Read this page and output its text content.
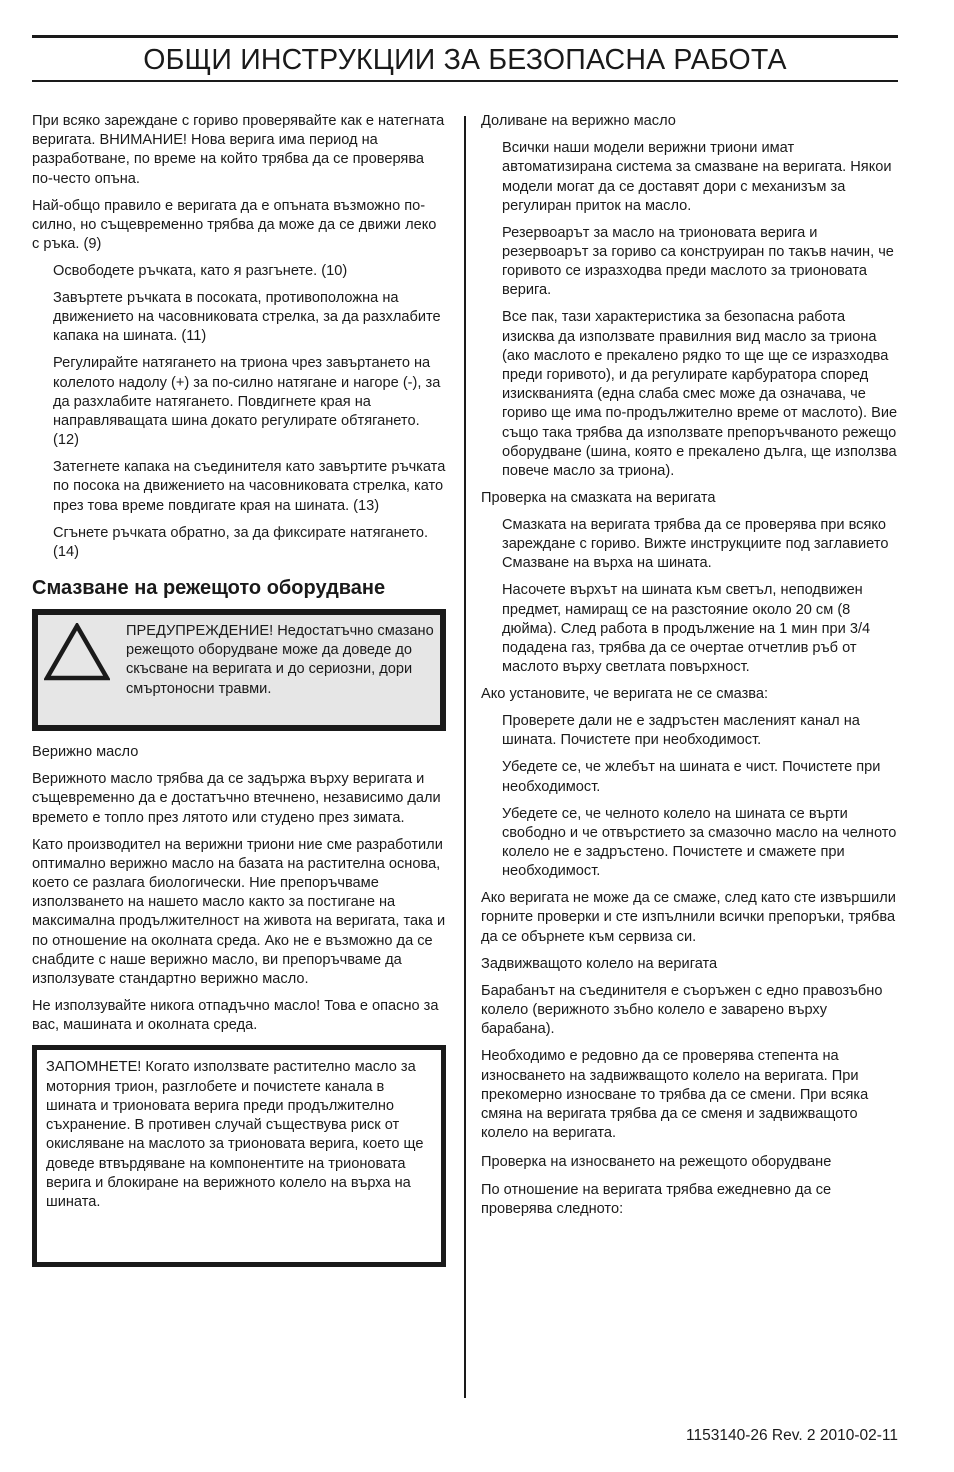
ОБЩИ ИНСТРУКЦИИ ЗА БЕЗОПАСНА РАБОТА

При всяко зареждане с гориво проверявайте как е натегната веригата. ВНИМАНИЕ! Нова верига има период на разработване, по време на който трябва да се проверява по-често опъна.

Най-общо правило е веригата да е опъната възможно по-силно, но същевременно трябва да може да се движи леко с ръка. (9)

Освободете ръчката, като я разгънете. (10)

Завъртете ръчката в посоката, противоположна на движението на часовниковата стрелка, за да разхлабите капака на шината. (11)

Регулирайте натягането на триона чрез завъртането на колелото надолу (+) за по-силно натягане и нагоре (-), за да разхлабите натягането. Повдигнете края на направляващата шина докато регулирате обтягането. (12)

Затегнете капака на съединителя като завъртите ръчката по посока на движението на часовниковата стрелка, като през това време повдигате края на шината. (13)

Сгънете ръчката обратно, за да фиксирате натягането. (14)

Смазване на режещото оборудване
ПРЕДУПРЕЖДЕНИЕ! Недостатъчно смазано режещото оборудване може да доведе до скъсване на веригата и до сериозни, дори смъртоносни травми.

Верижно масло

Верижното масло трябва да се задържа върху веригата и същевременно да е достатъчно втечнено, независимо дали времето е топло през лятото или студено през зимата.

Като производител на верижни триони ние сме разработили оптимално верижно масло на базата на растителна основа, което се разлага биологически. Ние препоръчваме използването на нашето масло както за постигане на максимална продължителност на живота на веригата, така и по отношение на околната среда. Ако не е възможно да се снабдите с наше верижно масло, ви препоръчваме да използувате стандартно верижно масло.

Не използувайте никога отпадъчно масло! Това е опасно за вас, машината и околната среда.

ЗАПОМНЕТЕ! Когато използвате растително масло за моторния трион, разглобете и почистете канала в шината и трионовата верига преди продължително съхранение. В противен случай съществува риск от окисляване на маслото за трионовата верига, което ще доведе втвърдяване на компонентите на трионовата верига и блокиране на верижното колело на върха на шината.

Доливане на верижно масло

Всички наши модели верижни триони имат автоматизирана система за смазване на веригата. Някои модели могат да се доставят дори с механизъм за регулиран приток на масло.

Резервоарът за масло на трионовата верига и резервоарът за гориво са конструиран по такъв начин, че горивото се изразходва преди маслото за трионовата верига.

Все пак, тази характеристика за безопасна работа изисква да използвате правилния вид масло за триона (ако маслото е прекалено рядко то ще ще се изразходва преди горивото), и да регулирате карбуратора според изискванията (една слаба смес може да означава, че гориво ще има по-продължително време от маслото). Вие също така трябва да използвате препоръчваното режещо оборудване (шина, която е прекалено дълга, ще използва повече масло за триона).

Проверка на смазката на веригата

Смазката на веригата трябва да се проверява при всяко зареждане с гориво. Вижте инструкциите под заглавието Смазване на върха на шината.

Насочете върхът на шината към светъл, неподвижен предмет, намиращ се на разстояние около 20 см (8 дюйма). След работа в продължение на 1 мин при 3/4 подадена газ, трябва да се очертае отчетлив ръб от маслото върху светлата повърхност.

Ако установите, че веригата не се смазва:

Проверете дали не е задръстен масленият канал на шината. Почистете при необходимост.

Убедете се, че жлебът на шината е чист. Почистете при необходимост.

Убедете се, че челното колело на шината се върти свободно и че отвърстието за смазочно масло на челното колело не е задръстено. Почистете и смажете при необходимост.

Ако веригата не може да се смаже, след като сте извършили горните проверки и сте изпълнили всички препоръки, трябва да се обърнете към сервиза си.

Задвижващото колело на веригата

Барабанът на съединителя е съоръжен с едно правозъбно колело (верижното зъбно колело е заварено върху барабана).

Необходимо е редовно да се проверява степента на износването на задвижващото колело на веригата. При прекомерно износване то трябва да се смени. При всяка смяна на веригата трябва да се сменя и задвижващото колело на веригата.

Проверка на износването на режещото оборудване

По отношение на веригата трябва ежедневно да се проверява следното:

1153140-26 Rev. 2 2010-02-11
